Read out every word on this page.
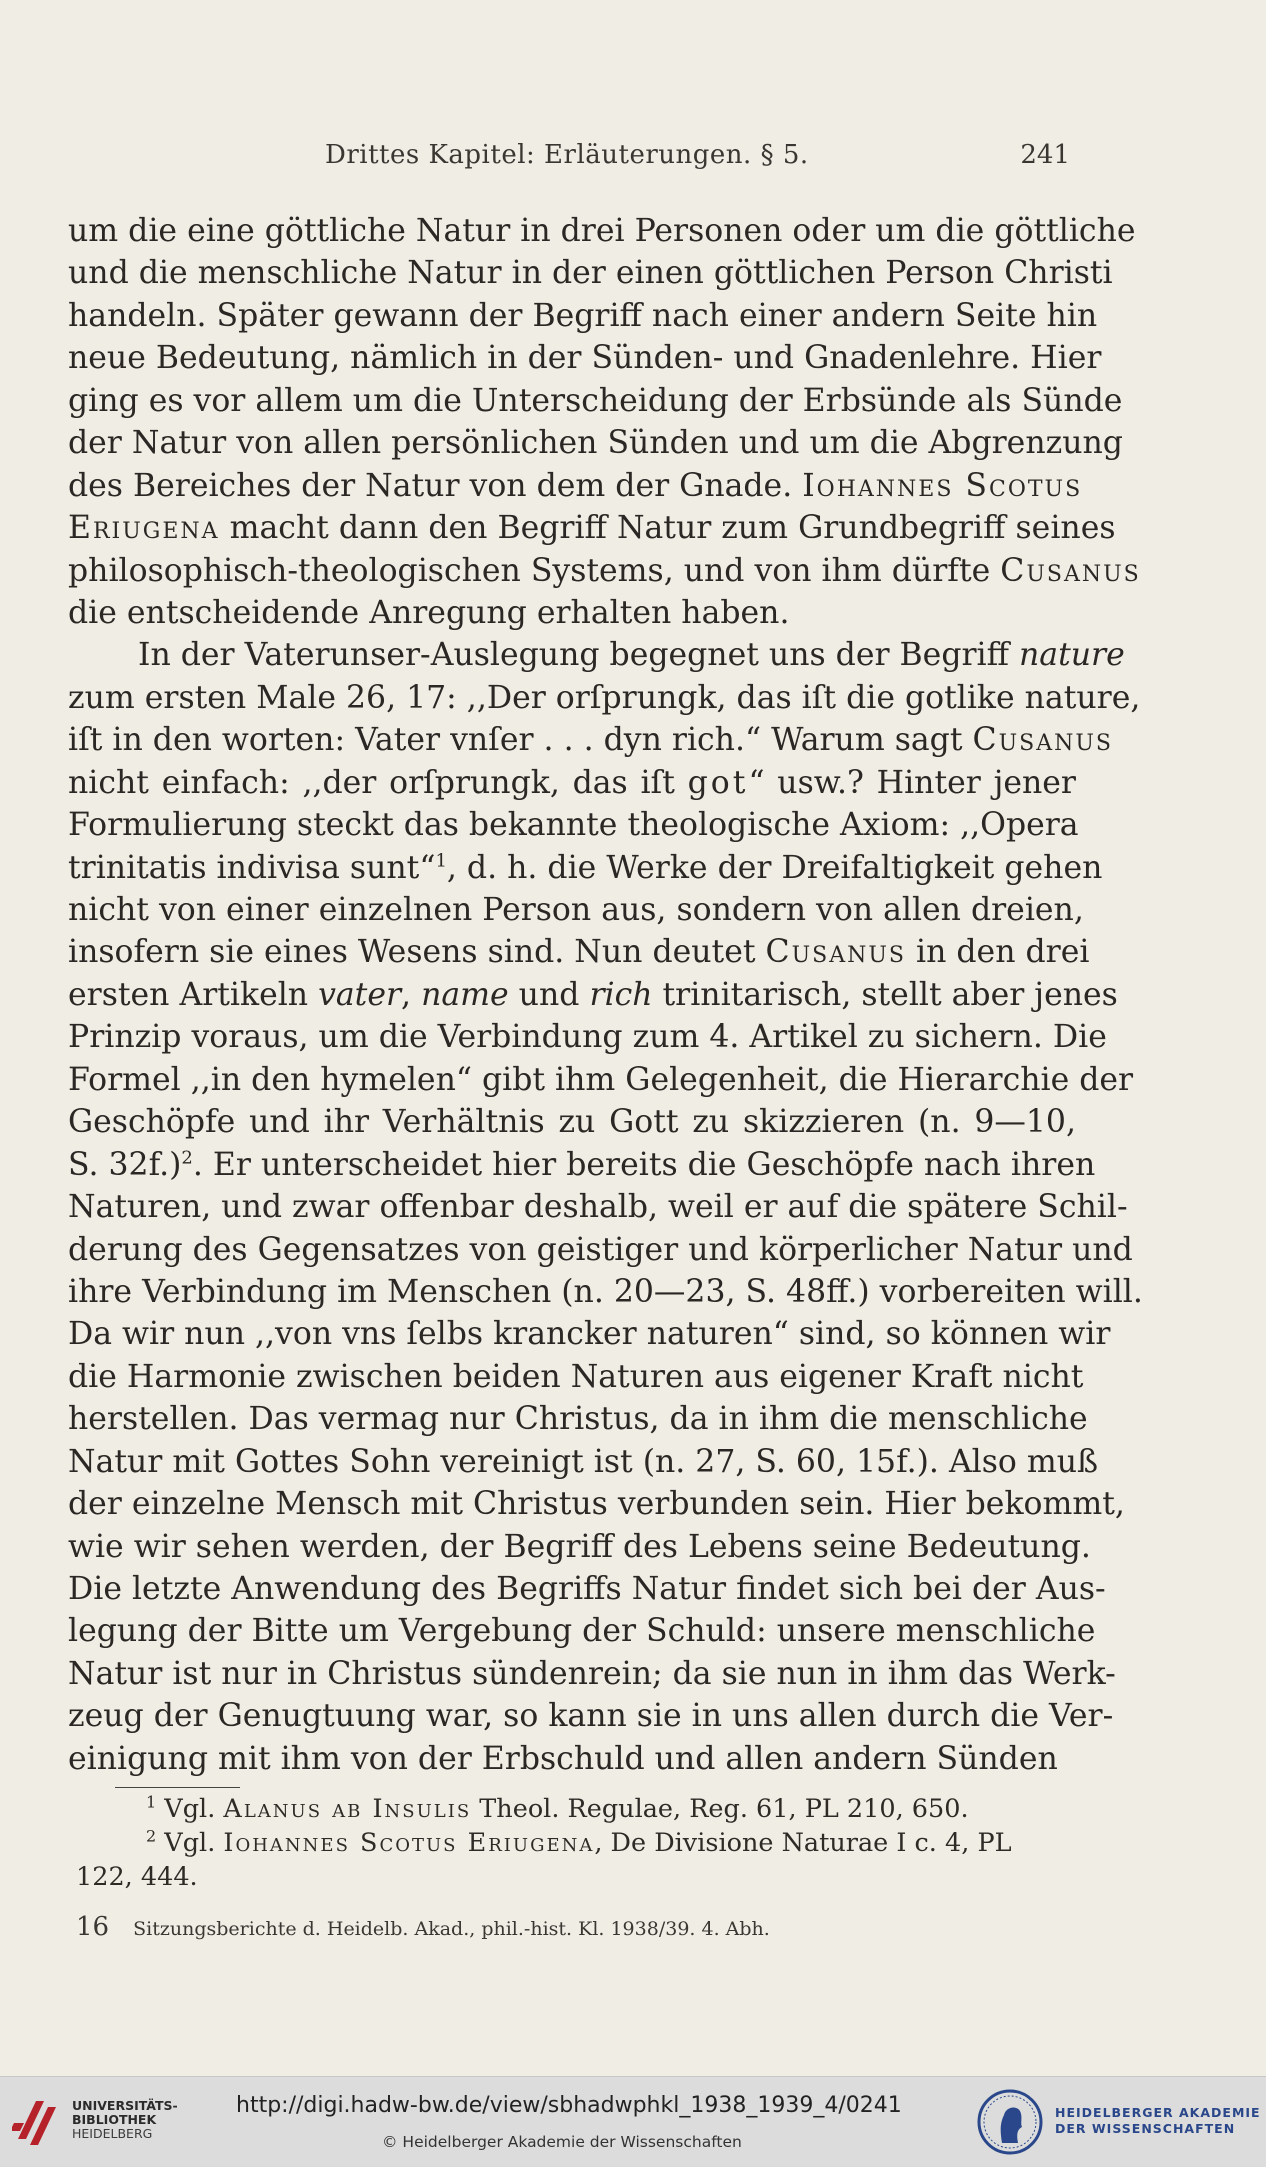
Drittes Kapitel: Erläuterungen. § 5.	241
um die eine göttliche Natur in drei Personen oder um die göttliche
und die menschliche Natur in der einen göttlichen Person Christi
handeln. Später gewann der Begriff nach einer andern Seite hin
neue Bedeutung, nämlich in der Sünden- und Gnadenlehre. Hier
ging es vor allem um die Unterscheidung der Erbsünde als Sünde
der Natur von allen persönlichen Sünden und um die Abgrenzung
des Bereiches der Natur von dem der Gnade. Iohannes Scotus
Eriugena macht dann den Begriff Natur zum Grundbegriff seines
philosophisch-theologischen Systems, und von ihm dürfte Cusanus
die entscheidende Anregung erhalten haben.
In der Vaterunser-Auslegung begegnet uns der Begriff nature
zum ersten Male 26, 17: ,,Der orſprungk, das iſt die gotlike nature,
iſt in den worten: Vater vnſer . . . dyn rich.“ Warum sagt Cusanus
nicht einfach: ,,der orſprungk, das iſt got“ usw.? Hinter jener
Formulierung steckt das bekannte theologische Axiom: ,,Opera
trinitatis indivisa sunt“$^1$, d. h. die Werke der Dreifaltigkeit gehen
nicht von einer einzelnen Person aus, sondern von allen dreien,
insofern sie eines Wesens sind. Nun deutet Cusanus in den drei
ersten Artikeln vater, name und rich trinitarisch, stellt aber jenes
Prinzip voraus, um die Verbindung zum 4. Artikel zu sichern. Die
Formel ,,in den hymelen“ gibt ihm Gelegenheit, die Hierarchie der
Geschöpfe und ihr Verhältnis zu Gott zu skizzieren (n. 9—10,
S. 32f.)$^2$. Er unterscheidet hier bereits die Geschöpfe nach ihren
Naturen, und zwar offenbar deshalb, weil er auf die spätere Schil-
derung des Gegensatzes von geistiger und körperlicher Natur und
ihre Verbindung im Menschen (n. 20—23, S. 48ff.) vorbereiten will.
Da wir nun ,,von vns ſelbs krancker naturen“ sind, so können wir
die Harmonie zwischen beiden Naturen aus eigener Kraft nicht
herstellen. Das vermag nur Christus, da in ihm die menschliche
Natur mit Gottes Sohn vereinigt ist (n. 27, S. 60, 15f.). Also muß
der einzelne Mensch mit Christus verbunden sein. Hier bekommt,
wie wir sehen werden, der Begriff des Lebens seine Bedeutung.
Die letzte Anwendung des Begriffs Natur findet sich bei der Aus-
legung der Bitte um Vergebung der Schuld: unsere menschliche
Natur ist nur in Christus sündenrein; da sie nun in ihm das Werk-
zeug der Genugtuung war, so kann sie in uns allen durch die Ver-
einigung mit ihm von der Erbschuld und allen andern Sünden
$^1$ Vgl. Alanus ab Insulis Theol. Regulae, Reg. 61, PL 210, 650.
$^2$ Vgl. Iohannes Scotus Eriugena, De Divisione Naturae I c. 4, PL
122, 444.
16 Sitzungsberichte d. Heidelb. Akad., phil.-hist. Kl. 1938/39. 4. Abh.
UNIVERSITÄTS-
BIBLIOTHEK
HEIDELBERG
http://digi.hadw-bw.de/view/sbhadwphkl_1938_1939_4/0241
© Heidelberger Akademie der Wissenschaften
HEIDELBERGER AKADEMIE
DER WISSENSCHAFTEN
